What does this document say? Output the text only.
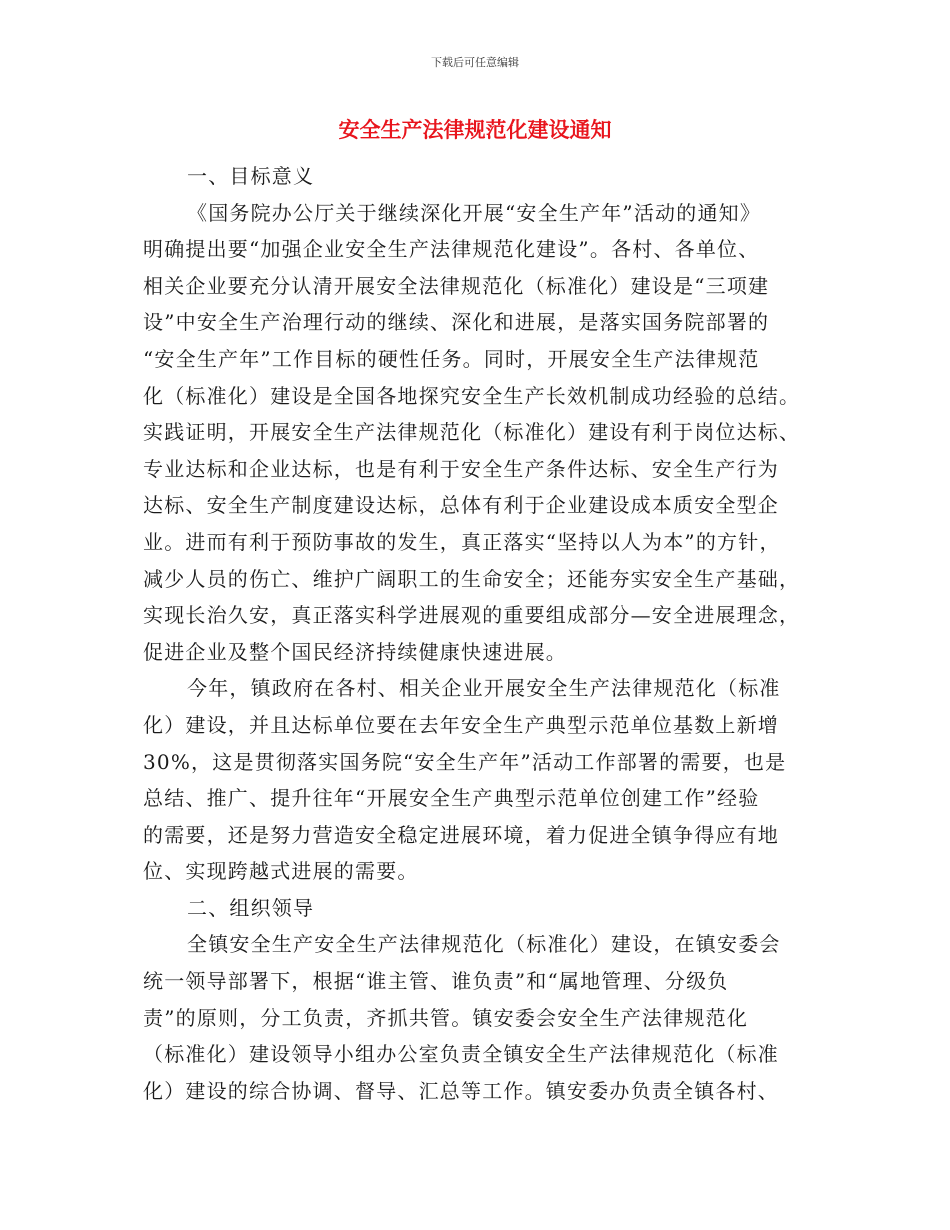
下载后可任意编辑
安全生产法律规范化建设通知
一、目标意义
《国务院办公厅关于继续深化开展“安全生产年”活动的通知》
明确提出要“加强企业安全生产法律规范化建设”。各村、各单位、
相关企业要充分认清开展安全法律规范化（标准化）建设是“三项建
设”中安全生产治理行动的继续、深化和进展，是落实国务院部署的
“安全生产年”工作目标的硬性任务。同时，开展安全生产法律规范
化（标准化）建设是全国各地探究安全生产长效机制成功经验的总结。
实践证明，开展安全生产法律规范化（标准化）建设有利于岗位达标、
专业达标和企业达标，也是有利于安全生产条件达标、安全生产行为
达标、安全生产制度建设达标，总体有利于企业建设成本质安全型企
业。进而有利于预防事故的发生，真正落实“坚持以人为本”的方针，
减少人员的伤亡、维护广阔职工的生命安全；还能夯实安全生产基础，
实现长治久安，真正落实科学进展观的重要组成部分—安全进展理念，
促进企业及整个国民经济持续健康快速进展。
今年，镇政府在各村、相关企业开展安全生产法律规范化（标准
化）建设，并且达标单位要在去年安全生产典型示范单位基数上新增
30%，这是贯彻落实国务院“安全生产年”活动工作部署的需要，也是
总结、推广、提升往年“开展安全生产典型示范单位创建工作”经验
的需要，还是努力营造安全稳定进展环境，着力促进全镇争得应有地
位、实现跨越式进展的需要。
二、组织领导
全镇安全生产安全生产法律规范化（标准化）建设，在镇安委会
统一领导部署下，根据“谁主管、谁负责”和“属地管理、分级负
责”的原则，分工负责，齐抓共管。镇安委会安全生产法律规范化
（标准化）建设领导小组办公室负责全镇安全生产法律规范化（标准
化）建设的综合协调、督导、汇总等工作。镇安委办负责全镇各村、
